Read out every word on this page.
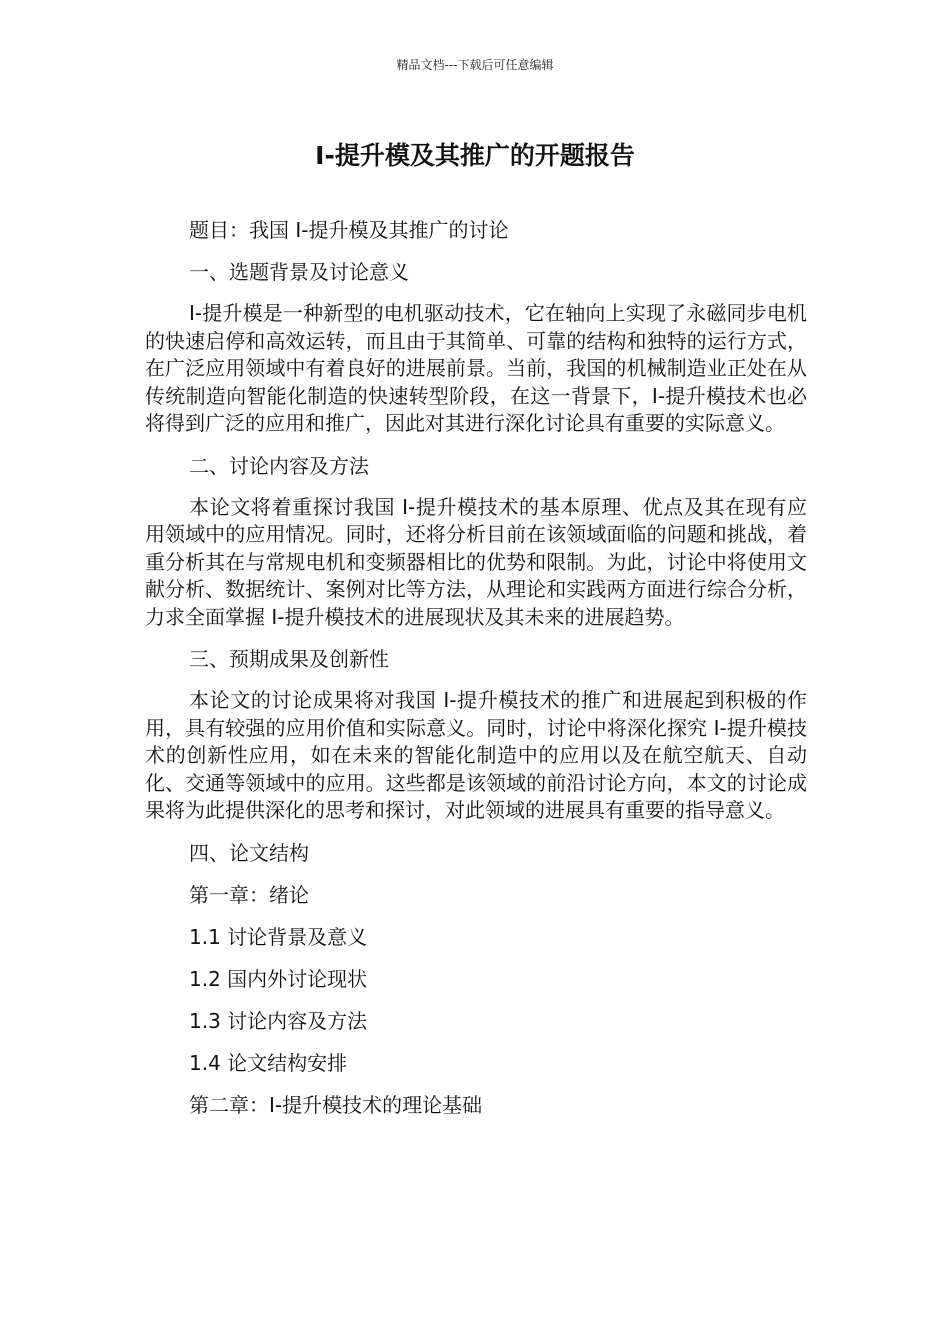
精品文档---下载后可任意编辑
I-提升模及其推广的开题报告

题目：我国 I-提升模及其推广的讨论

一、选题背景及讨论意义

I-提升模是一种新型的电机驱动技术，它在轴向上实现了永磁同步电机的快速启停和高效运转，而且由于其简单、可靠的结构和独特的运行方式，在广泛应用领域中有着良好的进展前景。当前，我国的机械制造业正处在从传统制造向智能化制造的快速转型阶段，在这一背景下，I-提升模技术也必将得到广泛的应用和推广，因此对其进行深化讨论具有重要的实际意义。

二、讨论内容及方法

本论文将着重探讨我国 I-提升模技术的基本原理、优点及其在现有应用领域中的应用情况。同时，还将分析目前在该领域面临的问题和挑战，着重分析其在与常规电机和变频器相比的优势和限制。为此，讨论中将使用文献分析、数据统计、案例对比等方法，从理论和实践两方面进行综合分析，力求全面掌握 I-提升模技术的进展现状及其未来的进展趋势。

三、预期成果及创新性

本论文的讨论成果将对我国 I-提升模技术的推广和进展起到积极的作用，具有较强的应用价值和实际意义。同时，讨论中将深化探究 I-提升模技术的创新性应用，如在未来的智能化制造中的应用以及在航空航天、自动化、交通等领域中的应用。这些都是该领域的前沿讨论方向，本文的讨论成果将为此提供深化的思考和探讨，对此领域的进展具有重要的指导意义。

四、论文结构

第一章：绪论

1.1 讨论背景及意义

1.2 国内外讨论现状

1.3 讨论内容及方法

1.4 论文结构安排

第二章：I-提升模技术的理论基础
